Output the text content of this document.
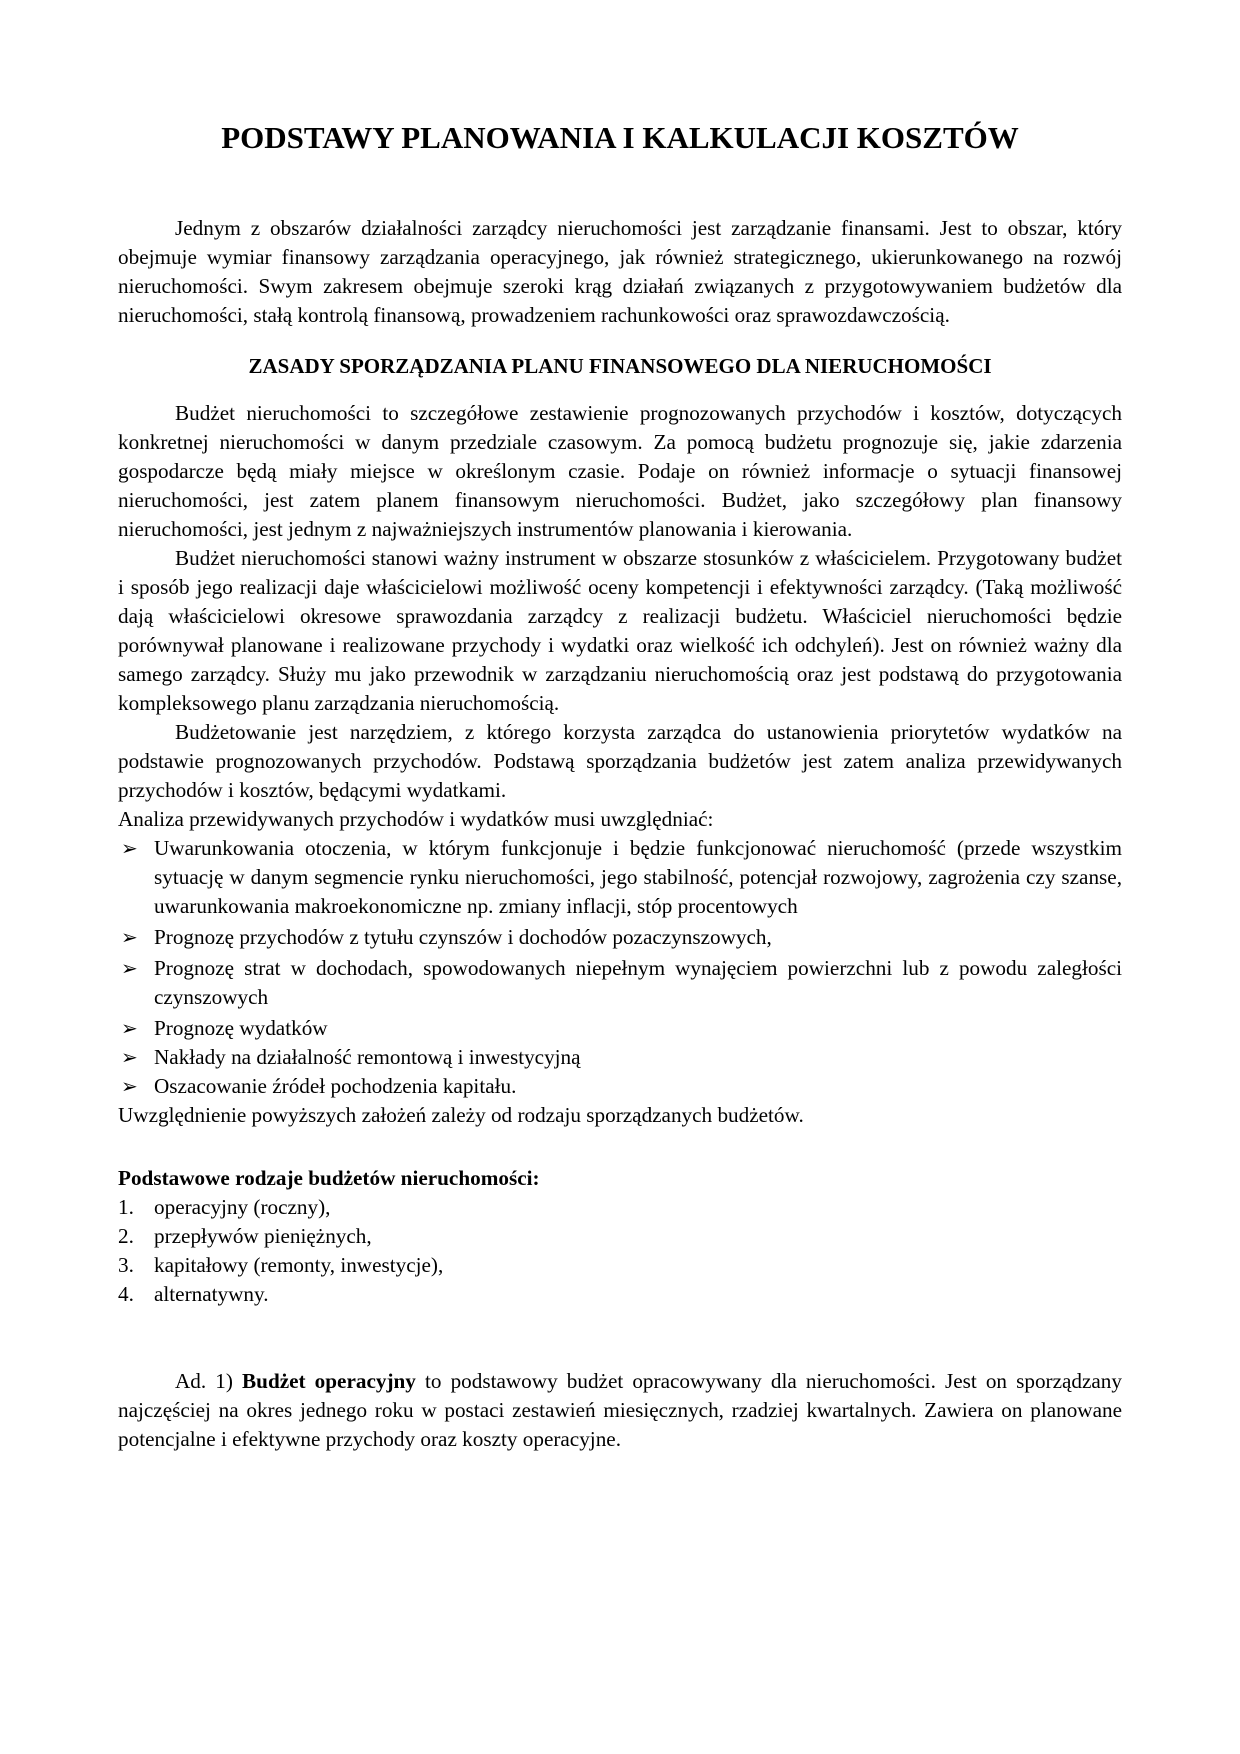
PODSTAWY PLANOWANIA I KALKULACJI KOSZTÓW

Jednym z obszarów działalności zarządcy nieruchomości jest zarządzanie finansami. Jest to obszar, który obejmuje wymiar finansowy zarządzania operacyjnego, jak również strategicznego, ukierunkowanego na rozwój nieruchomości. Swym zakresem obejmuje szeroki krąg działań związanych z przygotowywaniem budżetów dla nieruchomości, stałą kontrolą finansową, prowadzeniem rachunkowości oraz sprawozdawczością.

ZASADY SPORZĄDZANIA PLANU FINANSOWEGO DLA NIERUCHOMOŚCI

Budżet nieruchomości to szczegółowe zestawienie prognozowanych przychodów i kosztów, dotyczących konkretnej nieruchomości w danym przedziale czasowym. Za pomocą budżetu prognozuje się, jakie zdarzenia gospodarcze będą miały miejsce w określonym czasie. Podaje on również informacje o sytuacji finansowej nieruchomości, jest zatem planem finansowym nieruchomości. Budżet, jako szczegółowy plan finansowy nieruchomości, jest jednym z najważniejszych instrumentów planowania i kierowania.

Budżet nieruchomości stanowi ważny instrument w obszarze stosunków z właścicielem. Przygotowany budżet i sposób jego realizacji daje właścicielowi możliwość oceny kompetencji i efektywności zarządcy. (Taką możliwość dają właścicielowi okresowe sprawozdania zarządcy z realizacji budżetu. Właściciel nieruchomości będzie porównywał planowane i realizowane przychody i wydatki oraz wielkość ich odchyleń). Jest on również ważny dla samego zarządcy. Służy mu jako przewodnik w zarządzaniu nieruchomością oraz jest podstawą do przygotowania kompleksowego planu zarządzania nieruchomością.

Budżetowanie jest narzędziem, z którego korzysta zarządca do ustanowienia priorytetów wydatków na podstawie prognozowanych przychodów. Podstawą sporządzania budżetów jest zatem analiza przewidywanych przychodów i kosztów, będącymi wydatkami.

Analiza przewidywanych przychodów i wydatków musi uwzględniać:

➢ Uwarunkowania otoczenia, w którym funkcjonuje i będzie funkcjonować nieruchomość (przede wszystkim sytuację w danym segmencie rynku nieruchomości, jego stabilność, potencjał rozwojowy, zagrożenia czy szanse, uwarunkowania makroekonomiczne np. zmiany inflacji, stóp procentowych
➢ Prognozę przychodów z tytułu czynszów i dochodów pozaczynszowych,
➢ Prognozę strat w dochodach, spowodowanych niepełnym wynajęciem powierzchni lub z powodu zaległości czynszowych
➢ Prognozę wydatków
➢ Nakłady na działalność remontową i inwestycyjną
➢ Oszacowanie źródeł pochodzenia kapitału.

Uwzględnienie powyższych założeń zależy od rodzaju sporządzanych budżetów.

Podstawowe rodzaje budżetów nieruchomości:
1. operacyjny (roczny),
2. przepływów pieniężnych,
3. kapitałowy (remonty, inwestycje),
4. alternatywny.

Ad. 1) Budżet operacyjny to podstawowy budżet opracowywany dla nieruchomości. Jest on sporządzany najczęściej na okres jednego roku w postaci zestawień miesięcznych, rzadziej kwartalnych. Zawiera on planowane potencjalne i efektywne przychody oraz koszty operacyjne.
